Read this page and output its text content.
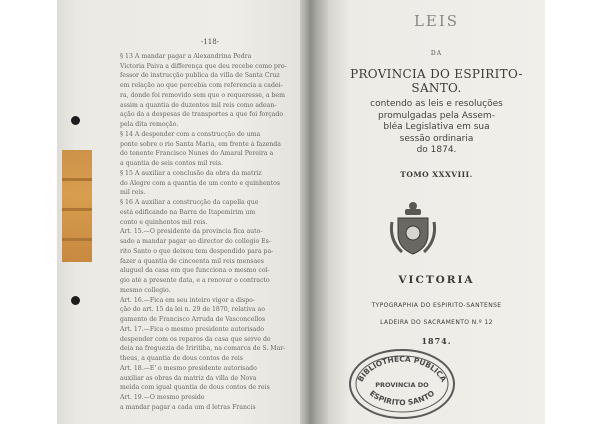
-118-
§ 13 A mandar pagar a Alexandrina Pedra
Victoria Paiva a differença que deu recebe como pro-
fessor de instrucção publica da villa de Santa Cruz
em relação ao que percebia com referencia a cadei-
ra, donde foi removido sem que o requeresse, a bem
assim a quantia de duzentos mil reis como adean-
ação da a despesas de transportes a que foi forçado
pela dita remoção.
§ 14 A despender com a construcção de uma
ponte sobre o rio Santa Maria, em frente á fazenda
do tenente Francisco Nunes do Amaral Pereira a
a quantia de seis contos mil reis.
§ 15 A auxiliar a conclusão da obra da matriz
do Alegre com a quantia de um conto e quinhentos
mil reis.
§ 16 A auxiliar a construcção da capella que
está edificando na Barra de Itapemirim um
conto e quinhentos mil reis.
Art. 15.—O presidente da provincia fica auto-
sado a mandar pagar ao director do collegio Es-
rito Santo o que deixou tem despendido para pa-
fazer a quantia de cincoenta mil reis mensaes
aluguel da casa em que funcciona o mesmo col-
gio até a presente data, e a renovar o contracto
mesmo collegio.
Art. 16.—Fica em seu inteiro vigor a dispo-
ção do art. 15 da lei n. 29 de 1870, relativa ao
gamento de Francisco Arruda de Vasconcellos
Art. 17.—Fica o mesmo presidente autorisado
despender com os reparos da casa que serve de
deia na freguezia de Iriritiba, na comarca de S. Mar-
theus, a quantia de dous contos de reis
Art. 18.—E' o mesmo presidente autorisado
auxiliar as obras da matriz da villa de Nova
meida com igual quantia de dous contos de reis
Art. 19.—O mesmo preside
a mandar pagar a cada um d letras Francis
LEIS
DA
PROVINCIA DO ESPIRITO-SANTO.
contendo as leis e resoluções
promulgadas pela Assem-
bléa Legislativa em sua
sessão ordinaria
do 1874.
TOMO XXXVIII.
VICTORIA
TYPOGRAPHIA DO ESPIRITO-SANTENSE
LADEIRA DO SACRAMENTO N.º 12
1874.
BIBLIOTHECA PUBLICA
PROVINCIA DO
ESPIRITO SANTO
